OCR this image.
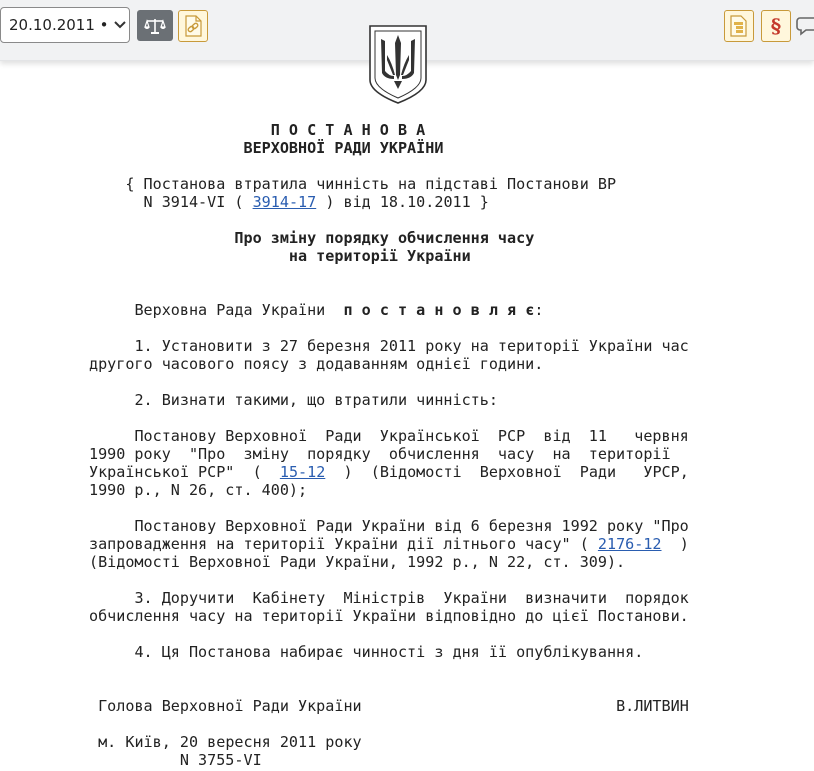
20.10.2011 •	§
П О С Т А Н О В А
ВЕРХОВНОЇ РАДИ УКРАЇНИ
{ Постанова втратила чинність на підставі Постанови ВР
N 3914-VI ( 3914-17 ) від 18.10.2011 }
Про зміну порядку обчислення часу
на території України
Верховна Рада України п о с т а н о в л я є:
1. Установити з 27 березня 2011 року на території України час
другого часового поясу з додаванням однієї години.
2. Визнати такими, що втратили чинність:
Постанову Верховної  Ради  Української  РСР  від  11   червня
1990 року  "Про  зміну  порядку  обчислення  часу  на  території
Української РСР"  ( 15-12 )  (Відомості  Верховної  Ради   УРСР,
1990 р., N 26, ст. 400);
Постанову Верховної Ради України від 6 березня 1992 року "Про
запровадження на території України дії літнього часу" ( 2176-12 )
(Відомості Верховної Ради України, 1992 р., N 22, ст. 309).
3. Доручити  Кабінету  Міністрів  України  визначити  порядок
обчислення часу на території України відповідно до цієї Постанови.
4. Ця Постанова набирає чинності з дня її опублікування.
Голова Верховної Ради України	В.ЛИТВИН
м. Київ, 20 вересня 2011 року
N 3755-VI
